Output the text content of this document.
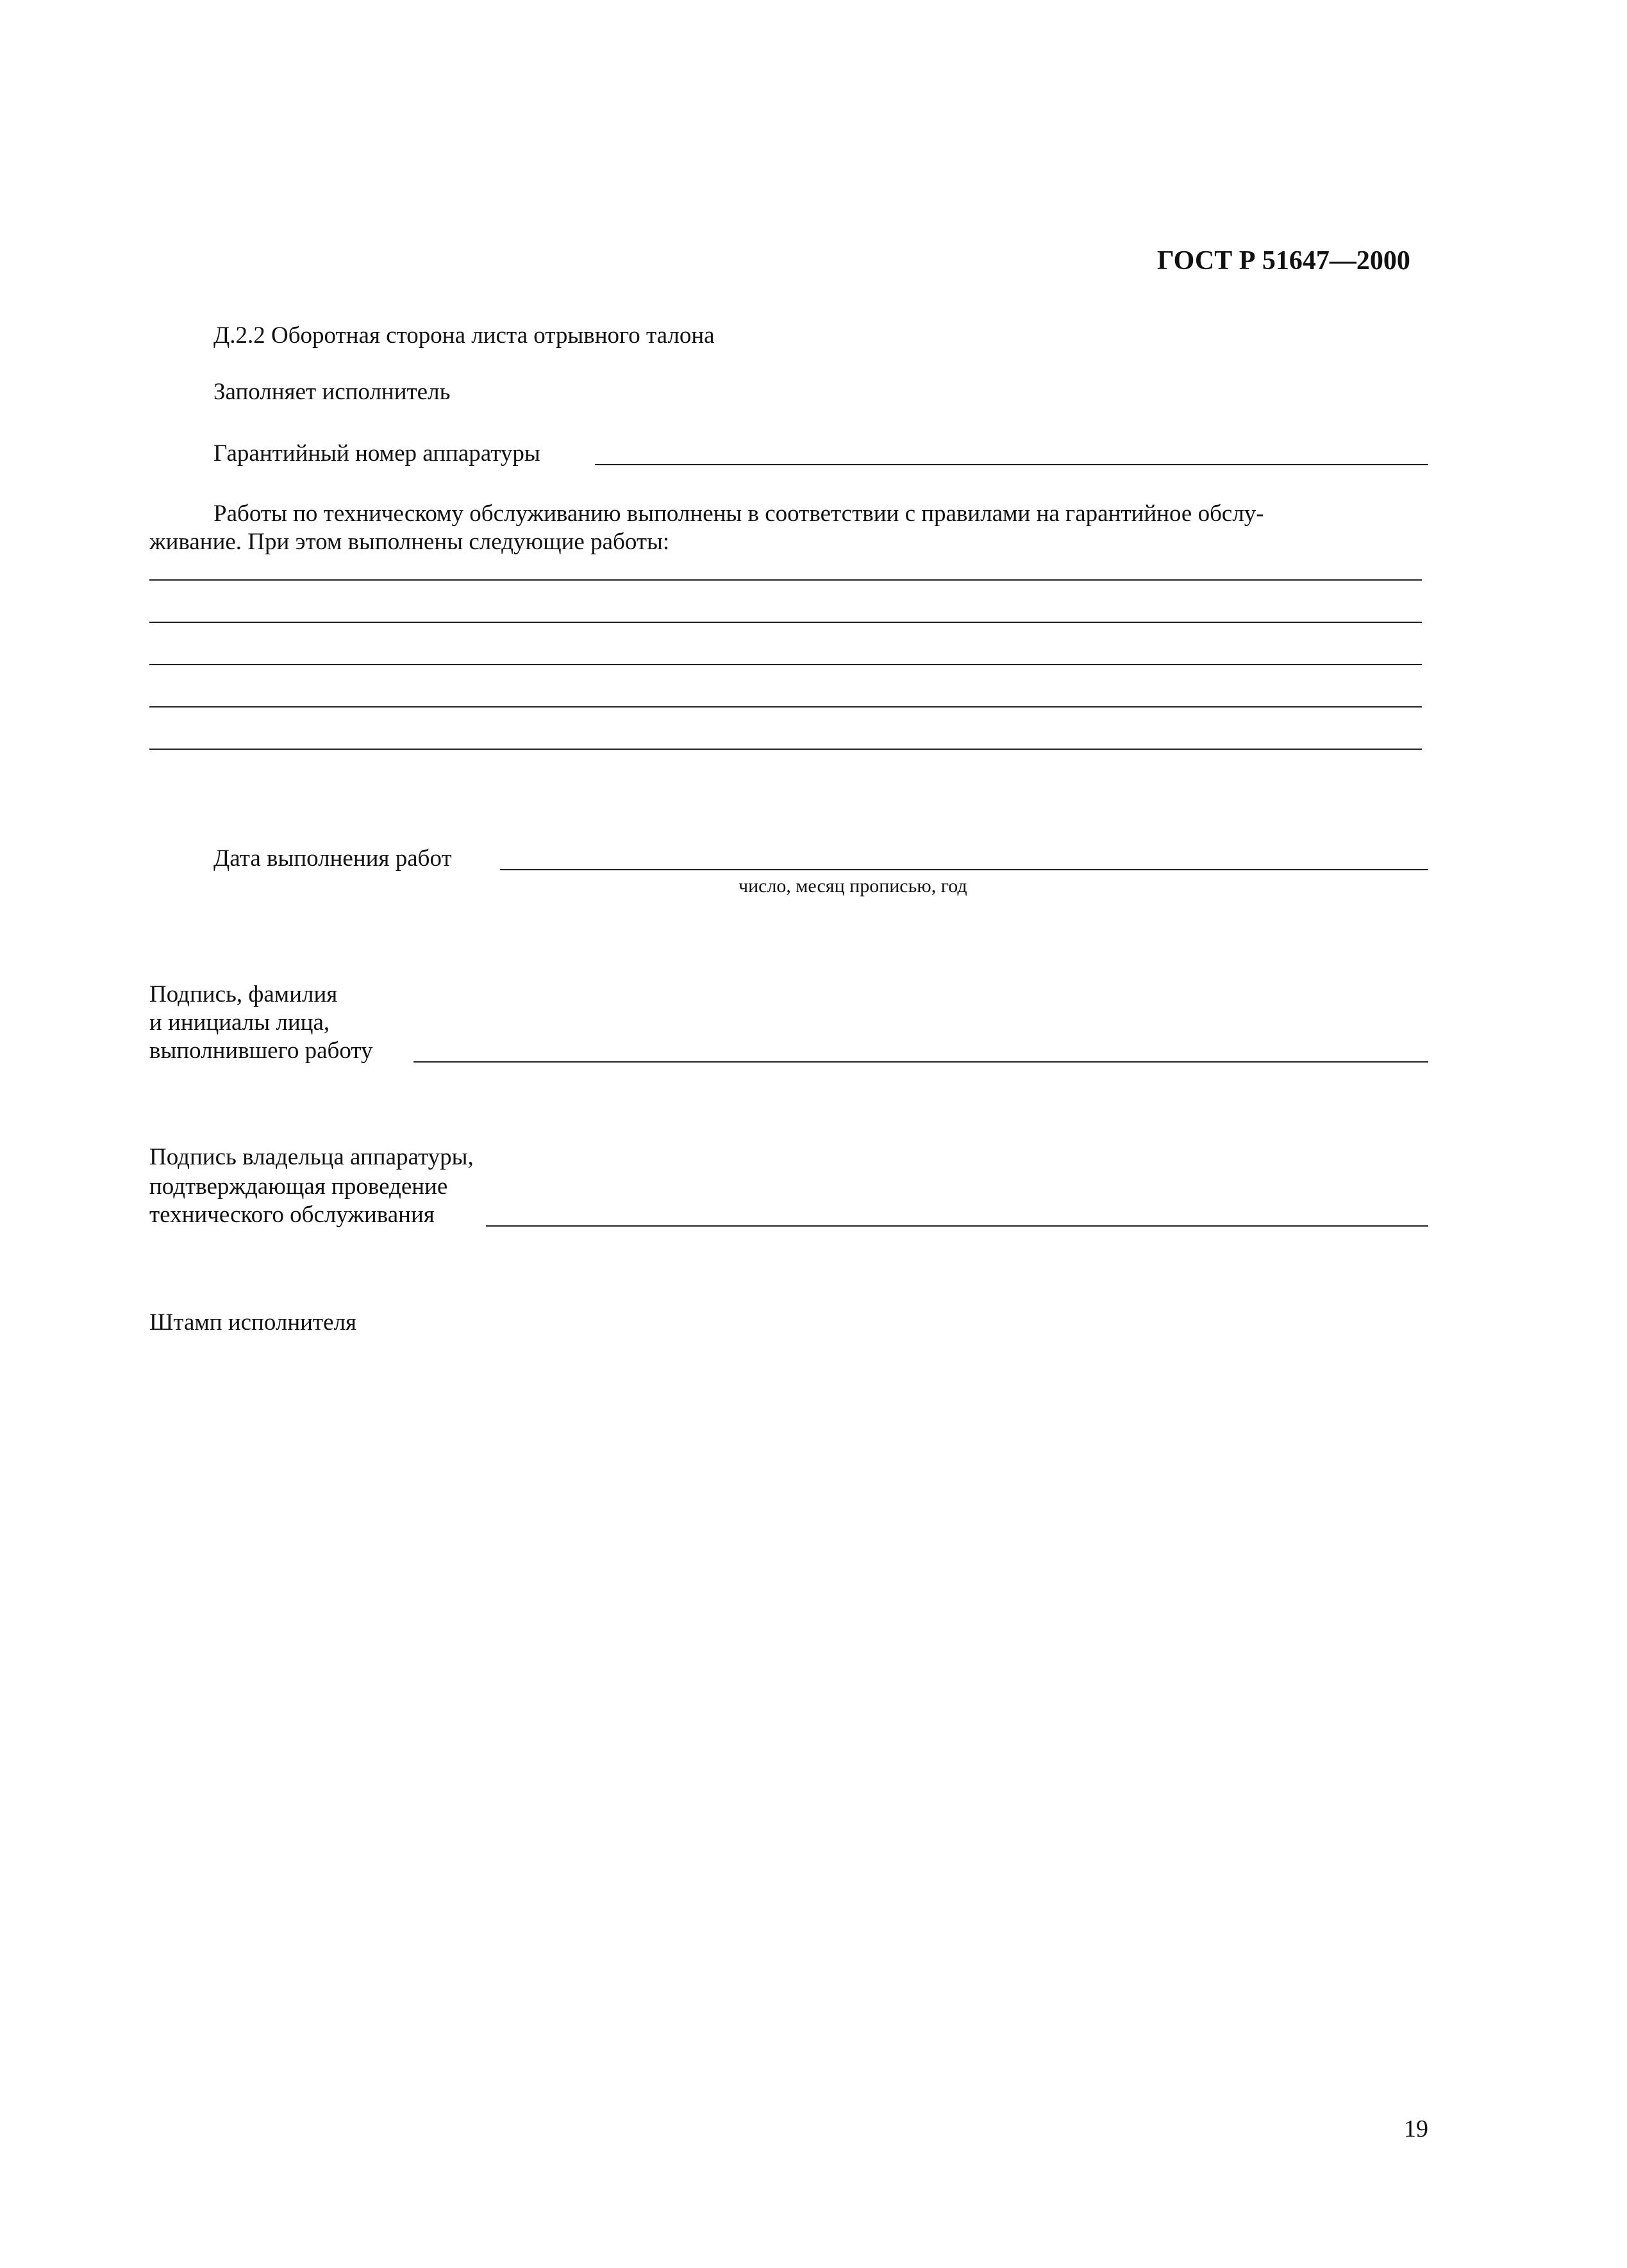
ГОСТ Р 51647—2000
Д.2.2 Оборотная сторона листа отрывного талона
Заполняет исполнитель
Гарантийный номер аппаратуры
Работы по техническому обслуживанию выполнены в соответствии с правилами на гарантийное обслу-
живание. При этом выполнены следующие работы:
Дата выполнения работ
число, месяц прописью, год
Подпись, фамилия
и инициалы лица,
выполнившего работу
Подпись владельца аппаратуры,
подтверждающая проведение
технического обслуживания
Штамп исполнителя
19
